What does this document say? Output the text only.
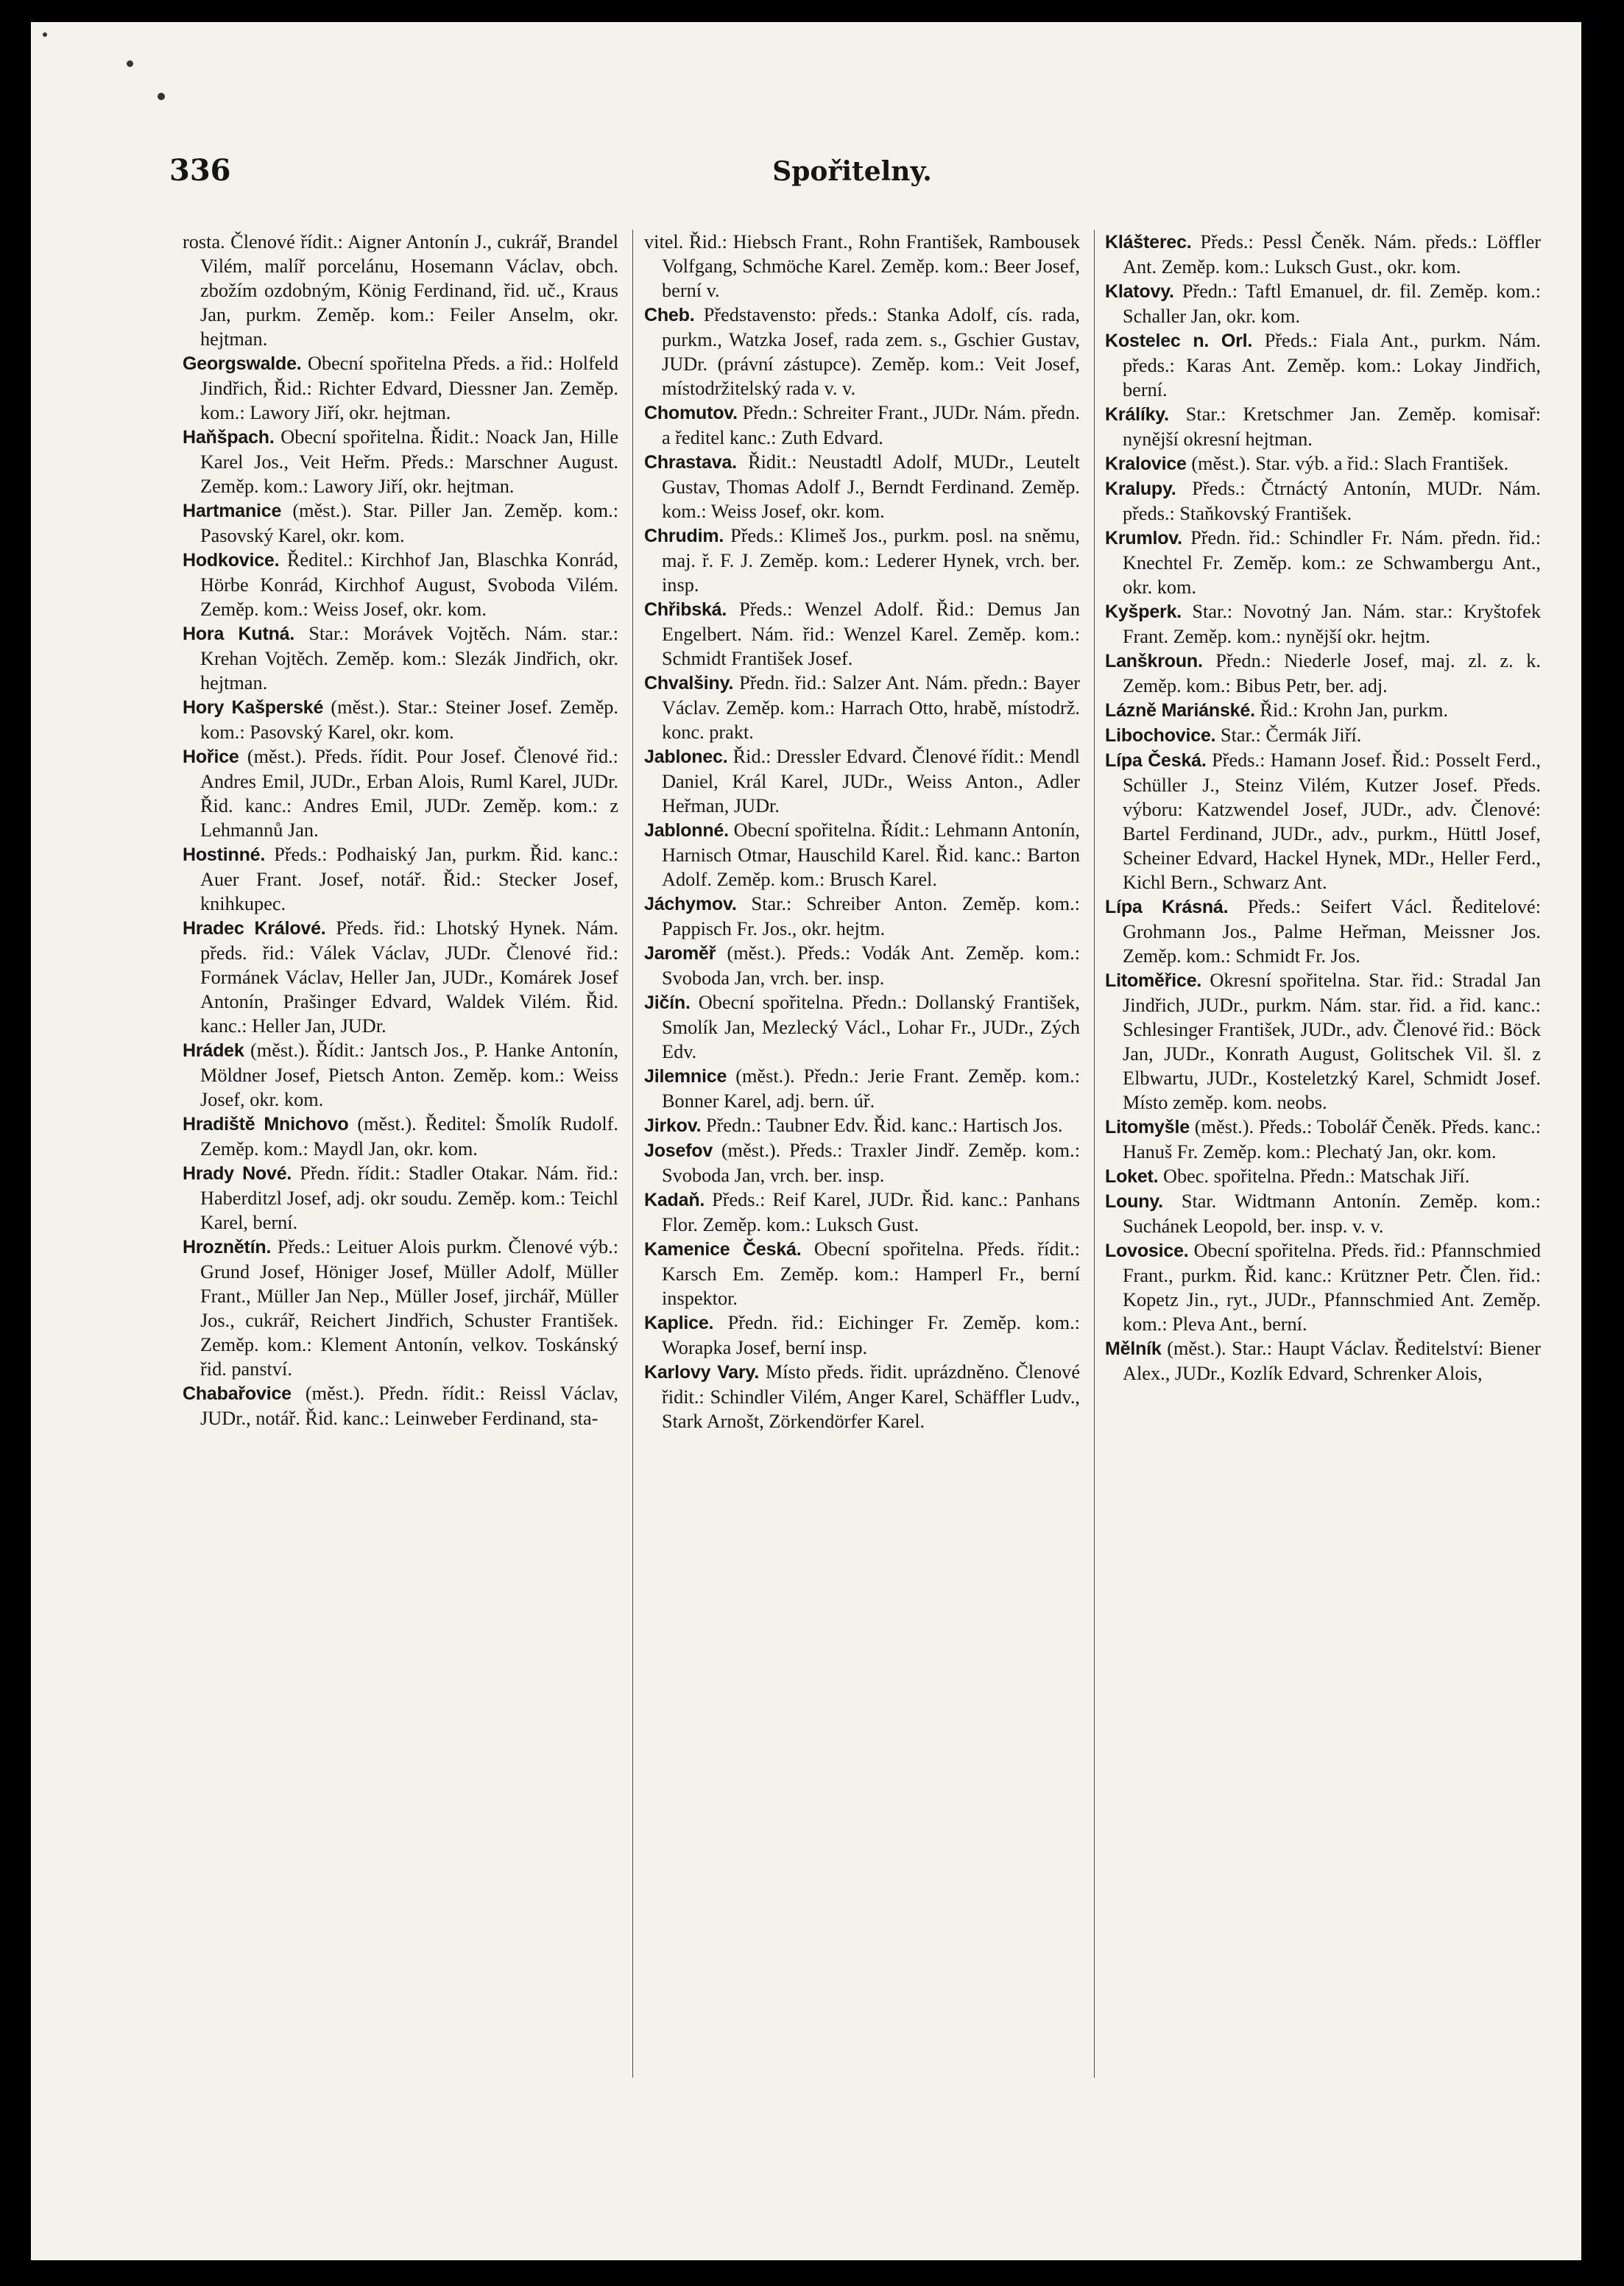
336	Spořitelny.

rosta. Členové řídit.: Aigner Antonín J., cukrář, Brandel Vilém, malíř porcelánu, Hosemann Václav, obch. zbožím ozdobným, König Ferdinand, řid. uč., Kraus Jan, purkm. Zeměp. kom.: Feiler Anselm, okr. hejtman.

Georgswalde. Obecní spořitelna Předs. a řid.: Holfeld Jindřich, Řid.: Richter Edvard, Diessner Jan. Zeměp. kom.: Lawory Jiří, okr. hejtman.

Haňšpach. Obecní spořitelna. Řidit.: Noack Jan, Hille Karel Jos., Veit Heřm. Předs.: Marschner August. Zeměp. kom.: Lawory Jiří, okr. hejtman.

Hartmanice (měst.). Star. Piller Jan. Zeměp. kom.: Pasovský Karel, okr. kom.

Hodkovice. Ředitel.: Kirchhof Jan, Blaschka Konrád, Hörbe Konrád, Kirchhof August, Svoboda Vilém. Zeměp. kom.: Weiss Josef, okr. kom.

Hora Kutná. Star.: Morávek Vojtěch. Nám. star.: Krehan Vojtěch. Zeměp. kom.: Slezák Jindřich, okr. hejtman.

Hory Kašperské (měst.). Star.: Steiner Josef. Zeměp. kom.: Pasovský Karel, okr. kom.

Hořice (měst.). Předs. řídit. Pour Josef. Členové řid.: Andres Emil, JUDr., Erban Alois, Ruml Karel, JUDr. Řid. kanc.: Andres Emil, JUDr. Zeměp. kom.: z Lehmannů Jan.

Hostinné. Předs.: Podhaiský Jan, purkm. Řid. kanc.: Auer Frant. Josef, notář. Řid.: Stecker Josef, knihkupec.

Hradec Králové. Předs. řid.: Lhotský Hynek. Nám. předs. řid.: Válek Václav, JUDr. Členové řid.: Formánek Václav, Heller Jan, JUDr., Komárek Josef Antonín, Prašinger Edvard, Waldek Vilém. Řid. kanc.: Heller Jan, JUDr.

Hrádek (měst.). Řídit.: Jantsch Jos., P. Hanke Antonín, Möldner Josef, Pietsch Anton. Zeměp. kom.: Weiss Josef, okr. kom.

Hradiště Mnichovo (měst.). Ředitel: Šmolík Rudolf. Zeměp. kom.: Maydl Jan, okr. kom.

Hrady Nové. Předn. řídit.: Stadler Otakar. Nám. řid.: Haberditzl Josef, adj. okr soudu. Zeměp. kom.: Teichl Karel, berní.

Hroznětín. Předs.: Leituer Alois purkm. Členové výb.: Grund Josef, Höniger Josef, Müller Adolf, Müller Frant., Müller Jan Nep., Müller Josef, jirchář, Müller Jos., cukrář, Reichert Jindřich, Schuster František. Zeměp. kom.: Klement Antonín, velkov. Toskánský řid. panství.

Chabařovice (měst.). Předn. řídit.: Reissl Václav, JUDr., notář. Řid. kanc.: Leinweber Ferdinand, sta-

vitel. Řid.: Hiebsch Frant., Rohn František, Rambousek Volfgang, Schmöche Karel. Zeměp. kom.: Beer Josef, berní v.

Cheb. Představensto: předs.: Stanka Adolf, cís. rada, purkm., Watzka Josef, rada zem. s., Gschier Gustav, JUDr. (právní zástupce). Zeměp. kom.: Veit Josef, místodržitelský rada v. v.

Chomutov. Předn.: Schreiter Frant., JUDr. Nám. předn. a ředitel kanc.: Zuth Edvard.

Chrastava. Řidit.: Neustadtl Adolf, MUDr., Leutelt Gustav, Thomas Adolf J., Berndt Ferdinand. Zeměp. kom.: Weiss Josef, okr. kom.

Chrudim. Předs.: Klimeš Jos., purkm. posl. na sněmu, maj. ř. F. J. Zeměp. kom.: Lederer Hynek, vrch. ber. insp.

Chřibská. Předs.: Wenzel Adolf. Řid.: Demus Jan Engelbert. Nám. řid.: Wenzel Karel. Zeměp. kom.: Schmidt František Josef.

Chvalšiny. Předn. řid.: Salzer Ant. Nám. předn.: Bayer Václav. Zeměp. kom.: Harrach Otto, hrabě, místodrž. konc. prakt.

Jablonec. Řid.: Dressler Edvard. Členové řídit.: Mendl Daniel, Král Karel, JUDr., Weiss Anton., Adler Heřman, JUDr.

Jablonné. Obecní spořitelna. Řídit.: Lehmann Antonín, Harnisch Otmar, Hauschild Karel. Řid. kanc.: Barton Adolf. Zeměp. kom.: Brusch Karel.

Jáchymov. Star.: Schreiber Anton. Zeměp. kom.: Pappisch Fr. Jos., okr. hejtm.

Jaroměř (měst.). Předs.: Vodák Ant. Zeměp. kom.: Svoboda Jan, vrch. ber. insp.

Jičín. Obecní spořitelna. Předn.: Dollanský František, Smolík Jan, Mezlecký Václ., Lohar Fr., JUDr., Zých Edv.

Jilemnice (měst.). Předn.: Jerie Frant. Zeměp. kom.: Bonner Karel, adj. bern. úř.

Jirkov. Předn.: Taubner Edv. Řid. kanc.: Hartisch Jos.

Josefov (měst.). Předs.: Traxler Jindř. Zeměp. kom.: Svoboda Jan, vrch. ber. insp.

Kadaň. Předs.: Reif Karel, JUDr. Řid. kanc.: Panhans Flor. Zeměp. kom.: Luksch Gust.

Kamenice Česká. Obecní spořitelna. Předs. řídit.: Karsch Em. Zeměp. kom.: Hamperl Fr., berní inspektor.

Kaplice. Předn. řid.: Eichinger Fr. Zeměp. kom.: Worapka Josef, berní insp.

Karlovy Vary. Místo předs. řidit. uprázdněno. Členové řidit.: Schindler Vilém, Anger Karel, Schäffler Ludv., Stark Arnošt, Zörkendörfer Karel.

Klášterec. Předs.: Pessl Čeněk. Nám. předs.: Löffler Ant. Zeměp. kom.: Luksch Gust., okr. kom.

Klatovy. Předn.: Taftl Emanuel, dr. fil. Zeměp. kom.: Schaller Jan, okr. kom.

Kostelec n. Orl. Předs.: Fiala Ant., purkm. Nám. předs.: Karas Ant. Zeměp. kom.: Lokay Jindřich, berní.

Králíky. Star.: Kretschmer Jan. Zeměp. komisař: nynější okresní hejtman.

Kralovice (měst.). Star. výb. a řid.: Slach František.

Kralupy. Předs.: Čtrnáctý Antonín, MUDr. Nám. předs.: Staňkovský František.

Krumlov. Předn. řid.: Schindler Fr. Nám. předn. řid.: Knechtel Fr. Zeměp. kom.: ze Schwambergu Ant., okr. kom.

Kyšperk. Star.: Novotný Jan. Nám. star.: Kryštofek Frant. Zeměp. kom.: nynější okr. hejtm.

Lanškroun. Předn.: Niederle Josef, maj. zl. z. k. Zeměp. kom.: Bibus Petr, ber. adj.

Lázně Mariánské. Řid.: Krohn Jan, purkm.

Libochovice. Star.: Čermák Jiří.

Lípa Česká. Předs.: Hamann Josef. Řid.: Posselt Ferd., Schüller J., Steinz Vilém, Kutzer Josef. Předs. výboru: Katzwendel Josef, JUDr., adv. Členové: Bartel Ferdinand, JUDr., adv., purkm., Hüttl Josef, Scheiner Edvard, Hackel Hynek, MDr., Heller Ferd., Kichl Bern., Schwarz Ant.

Lípa Krásná. Předs.: Seifert Václ. Ředitelové: Grohmann Jos., Palme Heřman, Meissner Jos. Zeměp. kom.: Schmidt Fr. Jos.

Litoměřice. Okresní spořitelna. Star. řid.: Stradal Jan Jindřich, JUDr., purkm. Nám. star. řid. a řid. kanc.: Schlesinger František, JUDr., adv. Členové řid.: Böck Jan, JUDr., Konrath August, Golitschek Vil. šl. z Elbwartu, JUDr., Kosteletzký Karel, Schmidt Josef. Místo zeměp. kom. neobs.

Litomyšle (měst.). Předs.: Tobolář Čeněk. Předs. kanc.: Hanuš Fr. Zeměp. kom.: Plechatý Jan, okr. kom.

Loket. Obec. spořitelna. Předn.: Matschak Jiří.

Louny. Star. Widtmann Antonín. Zeměp. kom.: Suchánek Leopold, ber. insp. v. v.

Lovosice. Obecní spořitelna. Předs. řid.: Pfannschmied Frant., purkm. Řid. kanc.: Krützner Petr. Člen. řid.: Kopetz Jin., ryt., JUDr., Pfannschmied Ant. Zeměp. kom.: Pleva Ant., berní.

Mělník (měst.). Star.: Haupt Václav. Ředitelství: Biener Alex., JUDr., Kozlík Edvard, Schrenker Alois,
